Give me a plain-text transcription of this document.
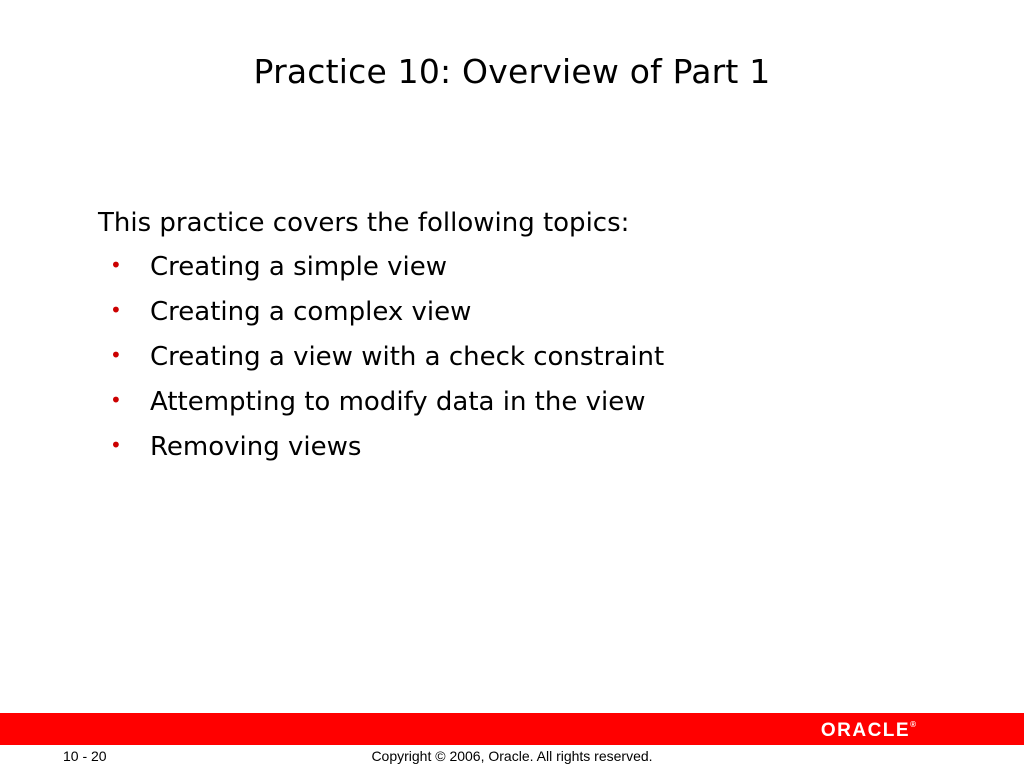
Practice 10: Overview of Part 1

This practice covers the following topics:

•	Creating a simple view
•	Creating a complex view
•	Creating a view with a check constraint
•	Attempting to modify data in the view
•	Removing views
ORACLE®
10 - 20	Copyright © 2006, Oracle. All rights reserved.
